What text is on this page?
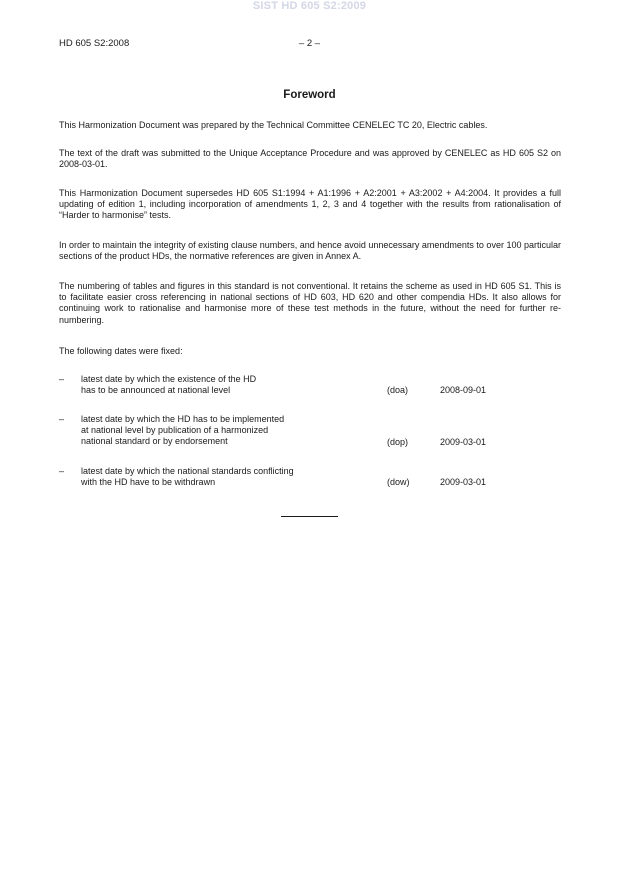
SIST HD 605 S2:2009
HD 605 S2:2008	– 2 –
Foreword

This Harmonization Document was prepared by the Technical Committee CENELEC TC 20, Electric cables.

The text of the draft was submitted to the Unique Acceptance Procedure and was approved by CENELEC as HD 605 S2 on 2008-03-01.

This Harmonization Document supersedes HD 605 S1:1994 + A1:1996 + A2:2001 + A3:2002 + A4:2004. It provides a full updating of edition 1, including incorporation of amendments 1, 2, 3 and 4 together with the results from rationalisation of “Harder to harmonise” tests.

In order to maintain the integrity of existing clause numbers, and hence avoid unnecessary amendments to over 100 particular sections of the product HDs, the normative references are given in Annex A.

The numbering of tables and figures in this standard is not conventional. It retains the scheme as used in HD 605 S1. This is to facilitate easier cross referencing in national sections of HD 603, HD 620 and other compendia HDs. It also allows for continuing work to rationalise and harmonise more of these test methods in the future, without the need for further re-numbering.

The following dates were fixed:

– latest date by which the existence of the HD
has to be announced at national level	(doa)	2008-09-01
– latest date by which the HD has to be implemented
at national level by publication of a harmonized
national standard or by endorsement	(dop)	2009-03-01
– latest date by which the national standards conflicting
with the HD have to be withdrawn	(dow)	2009-03-01
